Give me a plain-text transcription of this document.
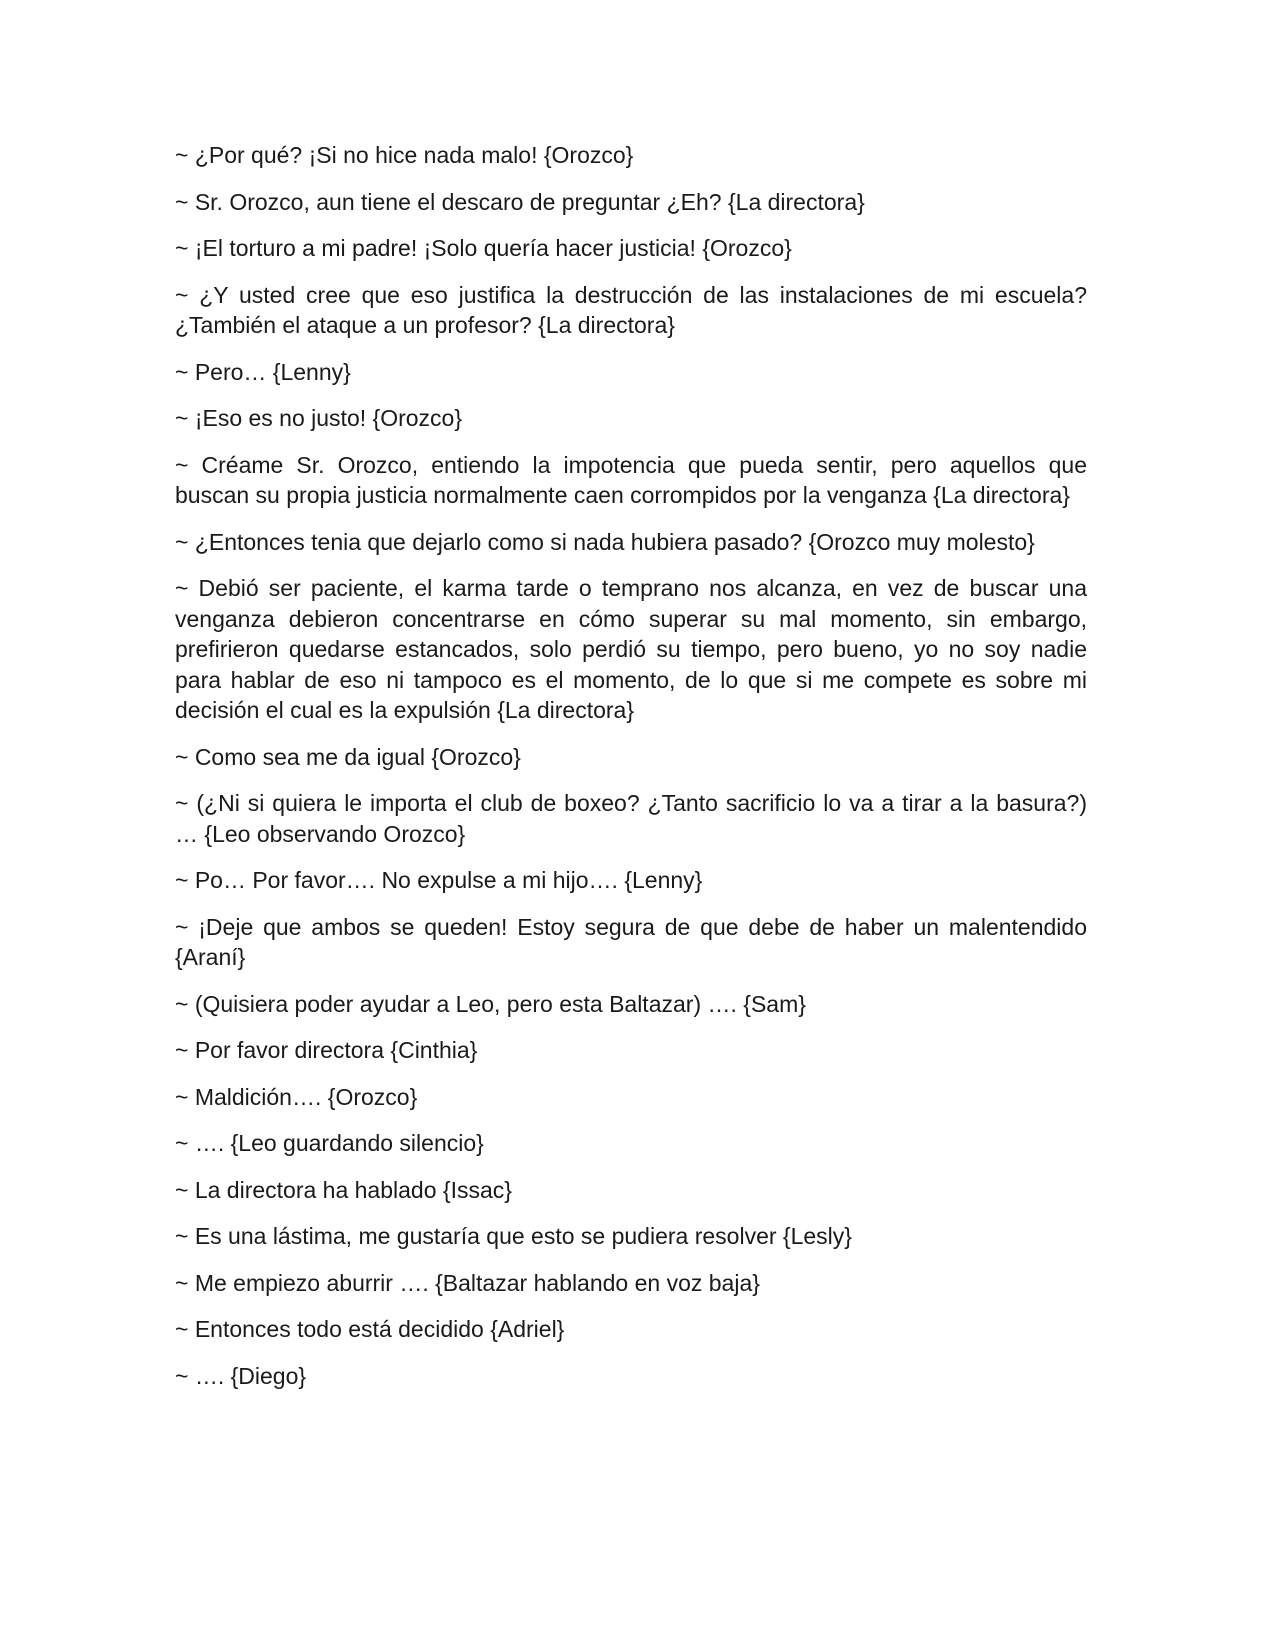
~ ¿Por qué? ¡Si no hice nada malo! {Orozco}

~ Sr. Orozco, aun tiene el descaro de preguntar ¿Eh? {La directora}

~ ¡El torturo a mi padre! ¡Solo quería hacer justicia! {Orozco}

~ ¿Y usted cree que eso justifica la destrucción de las instalaciones de mi escuela? ¿También el ataque a un profesor? {La directora}

~ Pero… {Lenny}

~ ¡Eso es no justo! {Orozco}

~ Créame Sr. Orozco, entiendo la impotencia que pueda sentir, pero aquellos que buscan su propia justicia normalmente caen corrompidos por la venganza {La directora}

~ ¿Entonces tenia que dejarlo como si nada hubiera pasado? {Orozco muy molesto}

~ Debió ser paciente, el karma tarde o temprano nos alcanza, en vez de buscar una venganza debieron concentrarse en cómo superar su mal momento, sin embargo, prefirieron quedarse estancados, solo perdió su tiempo, pero bueno, yo no soy nadie para hablar de eso ni tampoco es el momento, de lo que si me compete es sobre mi decisión el cual es la expulsión {La directora}

~ Como sea me da igual {Orozco}

~ (¿Ni si quiera le importa el club de boxeo? ¿Tanto sacrificio lo va a tirar a la basura?) … {Leo observando Orozco}

~ Po… Por favor…. No expulse a mi hijo…. {Lenny}

~ ¡Deje que ambos se queden! Estoy segura de que debe de haber un malentendido {Araní}

~ (Quisiera poder ayudar a Leo, pero esta Baltazar) …. {Sam}

~ Por favor directora {Cinthia}

~ Maldición…. {Orozco}

~ …. {Leo guardando silencio}

~ La directora ha hablado {Issac}

~ Es una lástima, me gustaría que esto se pudiera resolver {Lesly}

~ Me empiezo aburrir …. {Baltazar hablando en voz baja}

~ Entonces todo está decidido {Adriel}

~ …. {Diego}
